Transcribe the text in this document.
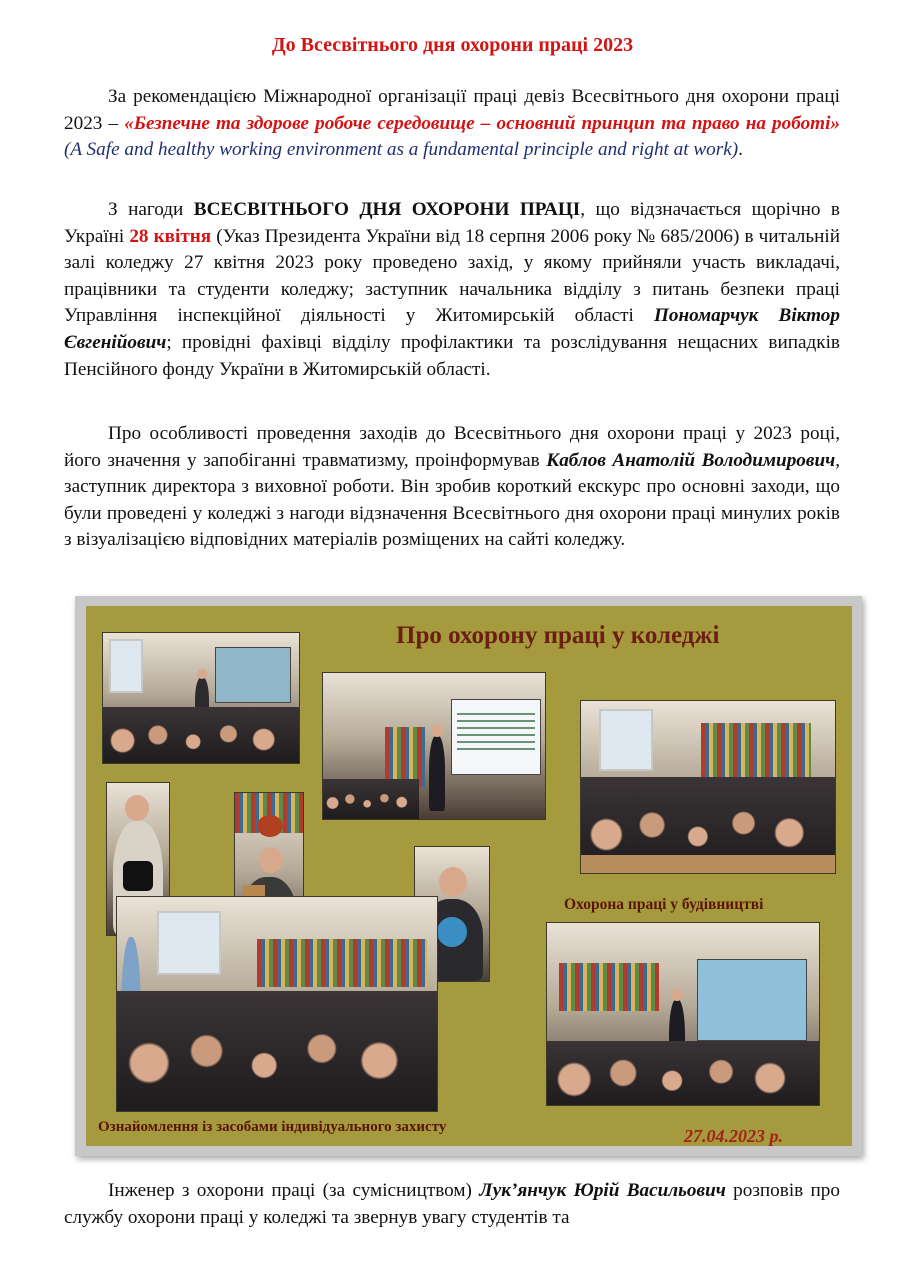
До Всесвітнього дня охорони праці 2023

За рекомендацією Міжнародної організації праці девіз Всесвітнього дня охорони праці 2023 – «Безпечне та здорове робоче середовище – основний принцип та право на роботі» (A Safe and healthy working environment as a fundamental principle and right at work).

З нагоди ВСЕСВІТНЬОГО ДНЯ ОХОРОНИ ПРАЦІ, що відзначається щорічно в Україні 28 квітня (Указ Президента України від 18 серпня 2006 року № 685/2006) в читальній залі коледжу 27 квітня 2023 року проведено захід, у якому прийняли участь викладачі, працівники та студенти коледжу; заступник начальника відділу з питань безпеки праці Управління інспекційної діяльності у Житомирській області Пономарчук Віктор Євгенійович; провідні фахівці відділу профілактики та розслідування нещасних випадків Пенсійного фонду України в Житомирській області.

Про особливості проведення заходів до Всесвітнього дня охорони праці у 2023 році, його значення у запобіганні травматизму, проінформував Каблов Анатолій Володимирович, заступник директора з виховної роботи. Він зробив короткий екскурс про основні заходи, що були проведені у коледжі з нагоди відзначення Всесвітнього дня охорони праці минулих років з візуалізацією відповідних матеріалів розміщених на сайті коледжу.

Про охорону праці у коледжі
Охорона праці у будівництві
Ознайомлення із засобами індивідуального захисту	27.04.2023 р.

Інженер з охорони праці (за сумісництвом) Лук’янчук Юрій Васильович розповів про службу охорони праці у коледжі та звернув увагу студентів та
